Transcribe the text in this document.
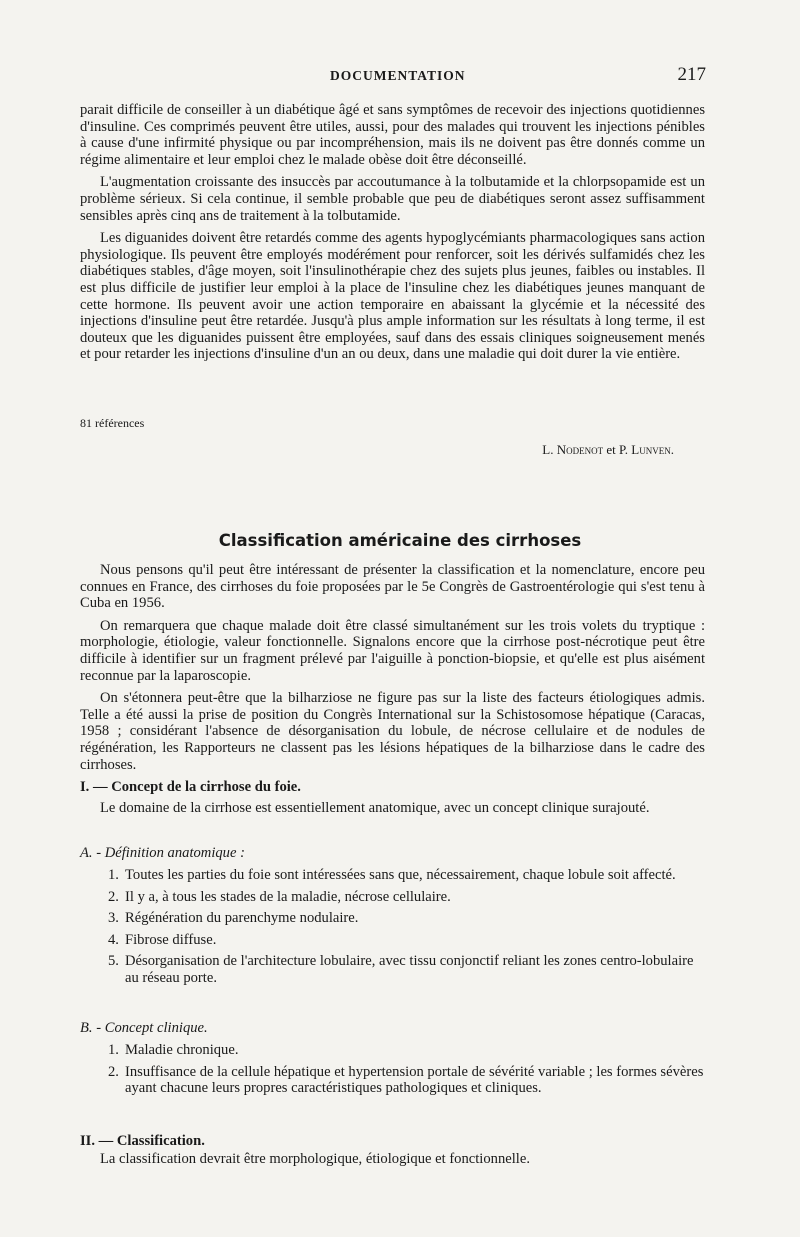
DOCUMENTATION	217

parait difficile de conseiller à un diabétique âgé et sans symptômes de recevoir des injections quotidiennes d'insuline. Ces comprimés peuvent être utiles, aussi, pour des malades qui trouvent les injections pénibles à cause d'une infirmité physique ou par incompréhension, mais ils ne doivent pas être donnés comme un régime alimentaire et leur emploi chez le malade obèse doit être déconseillé.

L'augmentation croissante des insuccès par accoutumance à la tolbutamide et la chlorpsopamide est un problème sérieux. Si cela continue, il semble probable que peu de diabétiques seront assez suffisamment sensibles après cinq ans de traitement à la tolbutamide.

Les diguanides doivent être retardés comme des agents hypoglycémiants pharmacologiques sans action physiologique. Ils peuvent être employés modérément pour renforcer, soit les dérivés sulfamidés chez les diabétiques stables, d'âge moyen, soit l'insulinothérapie chez des sujets plus jeunes, faibles ou instables. Il est plus difficile de justifier leur emploi à la place de l'insuline chez les diabétiques jeunes manquant de cette hormone. Ils peuvent avoir une action temporaire en abaissant la glycémie et la nécessité des injections d'insuline peut être retardée. Jusqu'à plus ample information sur les résultats à long terme, il est douteux que les diguanides puissent être employées, sauf dans des essais cliniques soigneusement menés et pour retarder les injections d'insuline d'un an ou deux, dans une maladie qui doit durer la vie entière.

81 références
L. Nodenot et P. Lunven.
Classification américaine des cirrhoses

Nous pensons qu'il peut être intéressant de présenter la classification et la nomenclature, encore peu connues en France, des cirrhoses du foie proposées par le 5e Congrès de Gastroentérologie qui s'est tenu à Cuba en 1956.

On remarquera que chaque malade doit être classé simultanément sur les trois volets du tryptique : morphologie, étiologie, valeur fonctionnelle. Signalons encore que la cirrhose post-nécrotique peut être difficile à identifier sur un fragment prélevé par l'aiguille à ponction-biopsie, et qu'elle est plus aisément reconnue par la laparoscopie.

On s'étonnera peut-être que la bilharziose ne figure pas sur la liste des facteurs étiologiques admis. Telle a été aussi la prise de position du Congrès International sur la Schistosomose hépatique (Caracas, 1958 ; considérant l'absence de désorganisation du lobule, de nécrose cellulaire et de nodules de régénération, les Rapporteurs ne classent pas les lésions hépatiques de la bilharziose dans le cadre des cirrhoses.

I. — Concept de la cirrhose du foie.

Le domaine de la cirrhose est essentiellement anatomique, avec un concept clinique surajouté.

A. - Définition anatomique :
1. Toutes les parties du foie sont intéressées sans que, nécessairement, chaque lobule soit affecté.
2. Il y a, à tous les stades de la maladie, nécrose cellulaire.
3. Régénération du parenchyme nodulaire.
4. Fibrose diffuse.
5. Désorganisation de l'architecture lobulaire, avec tissu conjonctif reliant les zones centro-lobulaire au réseau porte.
B. - Concept clinique.
1. Maladie chronique.
2. Insuffisance de la cellule hépatique et hypertension portale de sévérité variable ; les formes sévères ayant chacune leurs propres caractéristiques pathologiques et cliniques.
II. — Classification.

La classification devrait être morphologique, étiologique et fonctionnelle.
